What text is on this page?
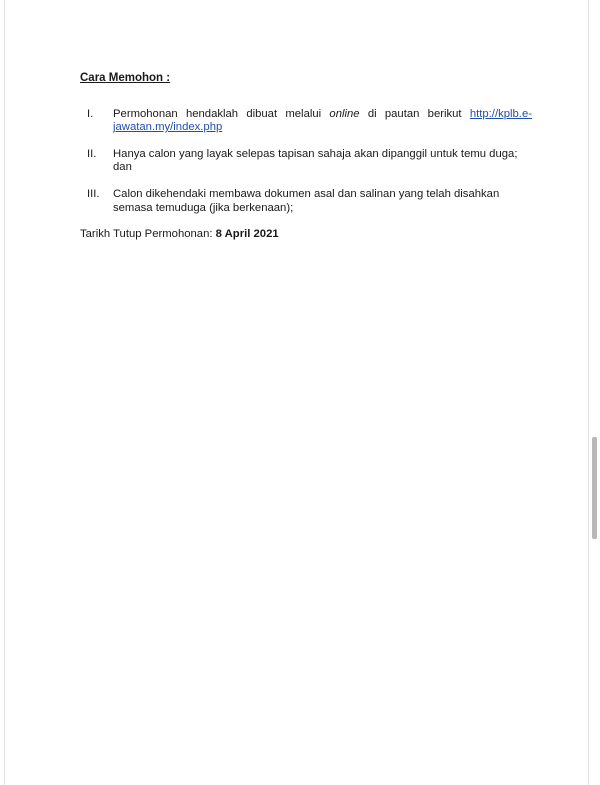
Cara Memohon :

I.	Permohonan hendaklah dibuat melalui online di pautan berikut http://kplb.e-jawatan.my/index.php
II.	Hanya calon yang layak selepas tapisan sahaja akan dipanggil untuk temu duga; dan
III.	Calon dikehendaki membawa dokumen asal dan salinan yang telah disahkan semasa temuduga (jika berkenaan);

Tarikh Tutup Permohonan: 8 April 2021
